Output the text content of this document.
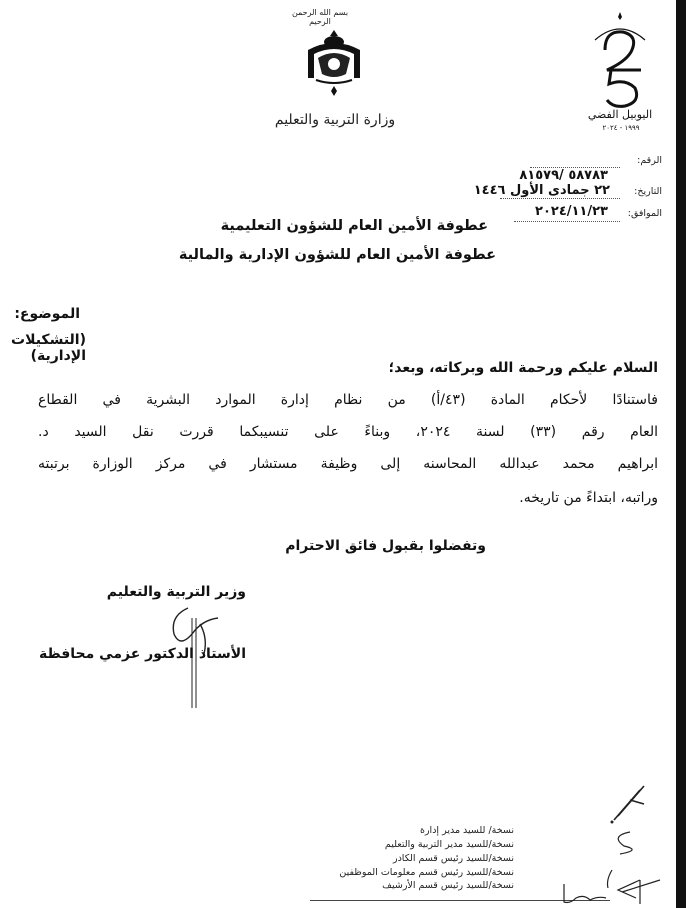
بسم الله الرحمن الرحيم
وزارة التربية والتعليم	اليوبيل الفضي
١٩٩٩ - ٢٠٢٤
الرقم:
٥٨٧٨٣ /٨١٥٧٩
التاريخ:
٢٢ جمادى الأول ١٤٤٦
الموافق:
٢٠٢٤/١١/٢٣
عطوفة الأمين العام للشؤون التعليمية
عطوفة الأمين العام للشؤون الإدارية والمالية
الموضوع:
(التشكيلات الإدارية)
السلام عليكم ورحمة الله وبركاته، وبعد؛
فاستنادًا لأحكام المادة (٤٣/أ) من نظام إدارة الموارد البشرية في القطاع
العام رقم (٣٣) لسنة ٢٠٢٤، وبناءً على تنسيبكما قررت نقل السيد د.
ابراهيم محمد عبدالله المحاسنه إلى وظيفة مستشار في مركز الوزارة برتبته
وراتبه، ابتداءً من تاريخه.
وتفضلوا بقبول فائق الاحترام
وزير التربية والتعليم
الأستاذ الدكتور عزمي محافظة
نسخة/ للسيد مدير إدارة
نسخة/للسيد مدير التربية والتعليم
نسخة/للسيد رئيس قسم الكادر
نسخة/للسيد رئيس قسم معلومات الموظفين
نسخة/للسيد رئيس قسم الأرشيف
